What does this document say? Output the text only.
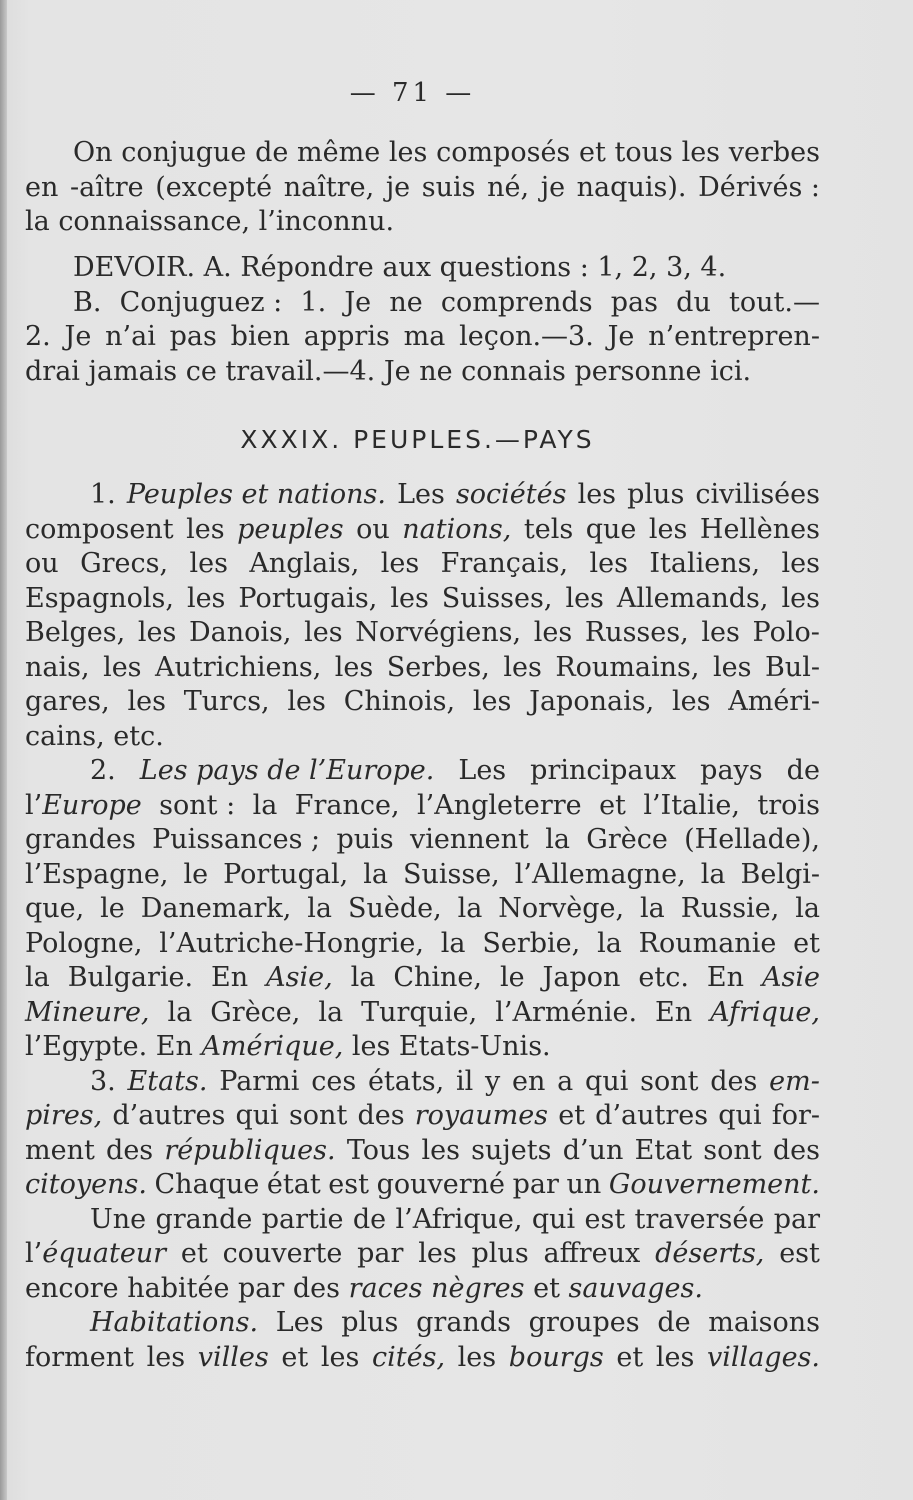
— 71 —
On conjugue de même les composés et tous les verbes
en -aître (excepté naître, je suis né, je naquis). Dérivés :
la connaissance, l’inconnu.
DEVOIR. A. Répondre aux questions : 1, 2, 3, 4.
B. Conjuguez : 1. Je ne comprends pas du tout.—
2. Je n’ai pas bien appris ma leçon.—3. Je n’entrepren-
drai jamais ce travail.—4. Je ne connais personne ici.
XXXIX. PEUPLES.—PAYS
1. Peuples et nations. Les sociétés les plus civilisées
composent les peuples ou nations, tels que les Hellènes
ou Grecs, les Anglais, les Français, les Italiens, les
Espagnols, les Portugais, les Suisses, les Allemands, les
Belges, les Danois, les Norvégiens, les Russes, les Polo-
nais, les Autrichiens, les Serbes, les Roumains, les Bul-
gares, les Turcs, les Chinois, les Japonais, les Améri-
cains, etc.
2. Les pays de l’Europe. Les principaux pays de
l’Europe sont : la France, l’Angleterre et l’Italie, trois
grandes Puissances ; puis viennent la Grèce (Hellade),
l’Espagne, le Portugal, la Suisse, l’Allemagne, la Belgi-
que, le Danemark, la Suède, la Norvège, la Russie, la
Pologne, l’Autriche-Hongrie, la Serbie, la Roumanie et
la Bulgarie. En Asie, la Chine, le Japon etc. En Asie
Mineure, la Grèce, la Turquie, l’Arménie. En Afrique,
l’Egypte. En Amérique, les Etats-Unis.
3. Etats. Parmi ces états, il y en a qui sont des em-
pires, d’autres qui sont des royaumes et d’autres qui for-
ment des républiques. Tous les sujets d’un Etat sont des
citoyens. Chaque état est gouverné par un Gouvernement.
Une grande partie de l’Afrique, qui est traversée par
l’équateur et couverte par les plus affreux déserts, est
encore habitée par des races nègres et sauvages.
Habitations. Les plus grands groupes de maisons
forment les villes et les cités, les bourgs et les villages.
